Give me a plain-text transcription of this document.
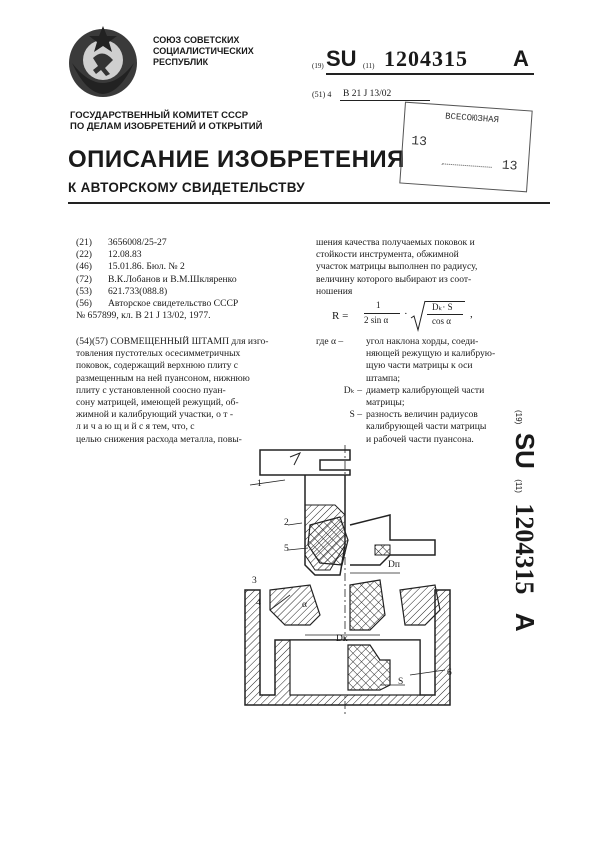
СОЮЗ СОВЕТСКИХ
СОЦИАЛИСТИЧЕСКИХ
РЕСПУБЛИК	(19) SU (11) 1204315 A
(51) 4 B 21 J 13/02
ГОСУДАРСТВЕННЫЙ КОМИТЕТ СССР
ПО ДЕЛАМ ИЗОБРЕТЕНИЙ И ОТКРЫТИЙ
ОПИСАНИЕ ИЗОБРЕТЕНИЯ
К АВТОРСКОМУ СВИДЕТЕЛЬСТВУ
ВСЕСОЮЗНАЯ
13
13
(21) 3656008/25-27
(22) 12.08.83
(46) 15.01.86. Бюл. № 2
(72) В.К.Лобанов и В.М.Шкляренко
(53) 621.733(088.8)
(56) Авторское свидетельство СССР
№ 657899, кл. В 21 J 13/02, 1977.
(54)(57) СОВМЕЩЕННЫЙ ШТАМП для изго-
товления пустотелых осесимметричных
поковок, содержащий верхнюю плиту с
размещенным на ней пуансоном, нижнюю
плиту с установленной соосно пуан-
сону матрицей, имеющей режущий, об-
жимной и калибрующий участки, о т -
л и ч а ю щ и й с я тем, что, с
целью снижения расхода металла, повы-
шения качества получаемых поковок и
стойкости инструмента, обжимной
участок матрицы выполнен по радиусу,
величину которого выбирают из соот-
ношения
R =
1
2 sin α ·
Dₖ· S
cos α
,
где α – угол наклона хорды, соеди-
няющей режущую и калибрую-
щую части матрицы к оси
штампа;
Dₖ – диаметр калибрующей части
матрицы;
S – разность величин радиусов
калибрующей части матрицы
и рабочей части пуансона.
(19) SU (11) 1204315 A
1
2
5
3
4
Dп
Dк
α
S
6
